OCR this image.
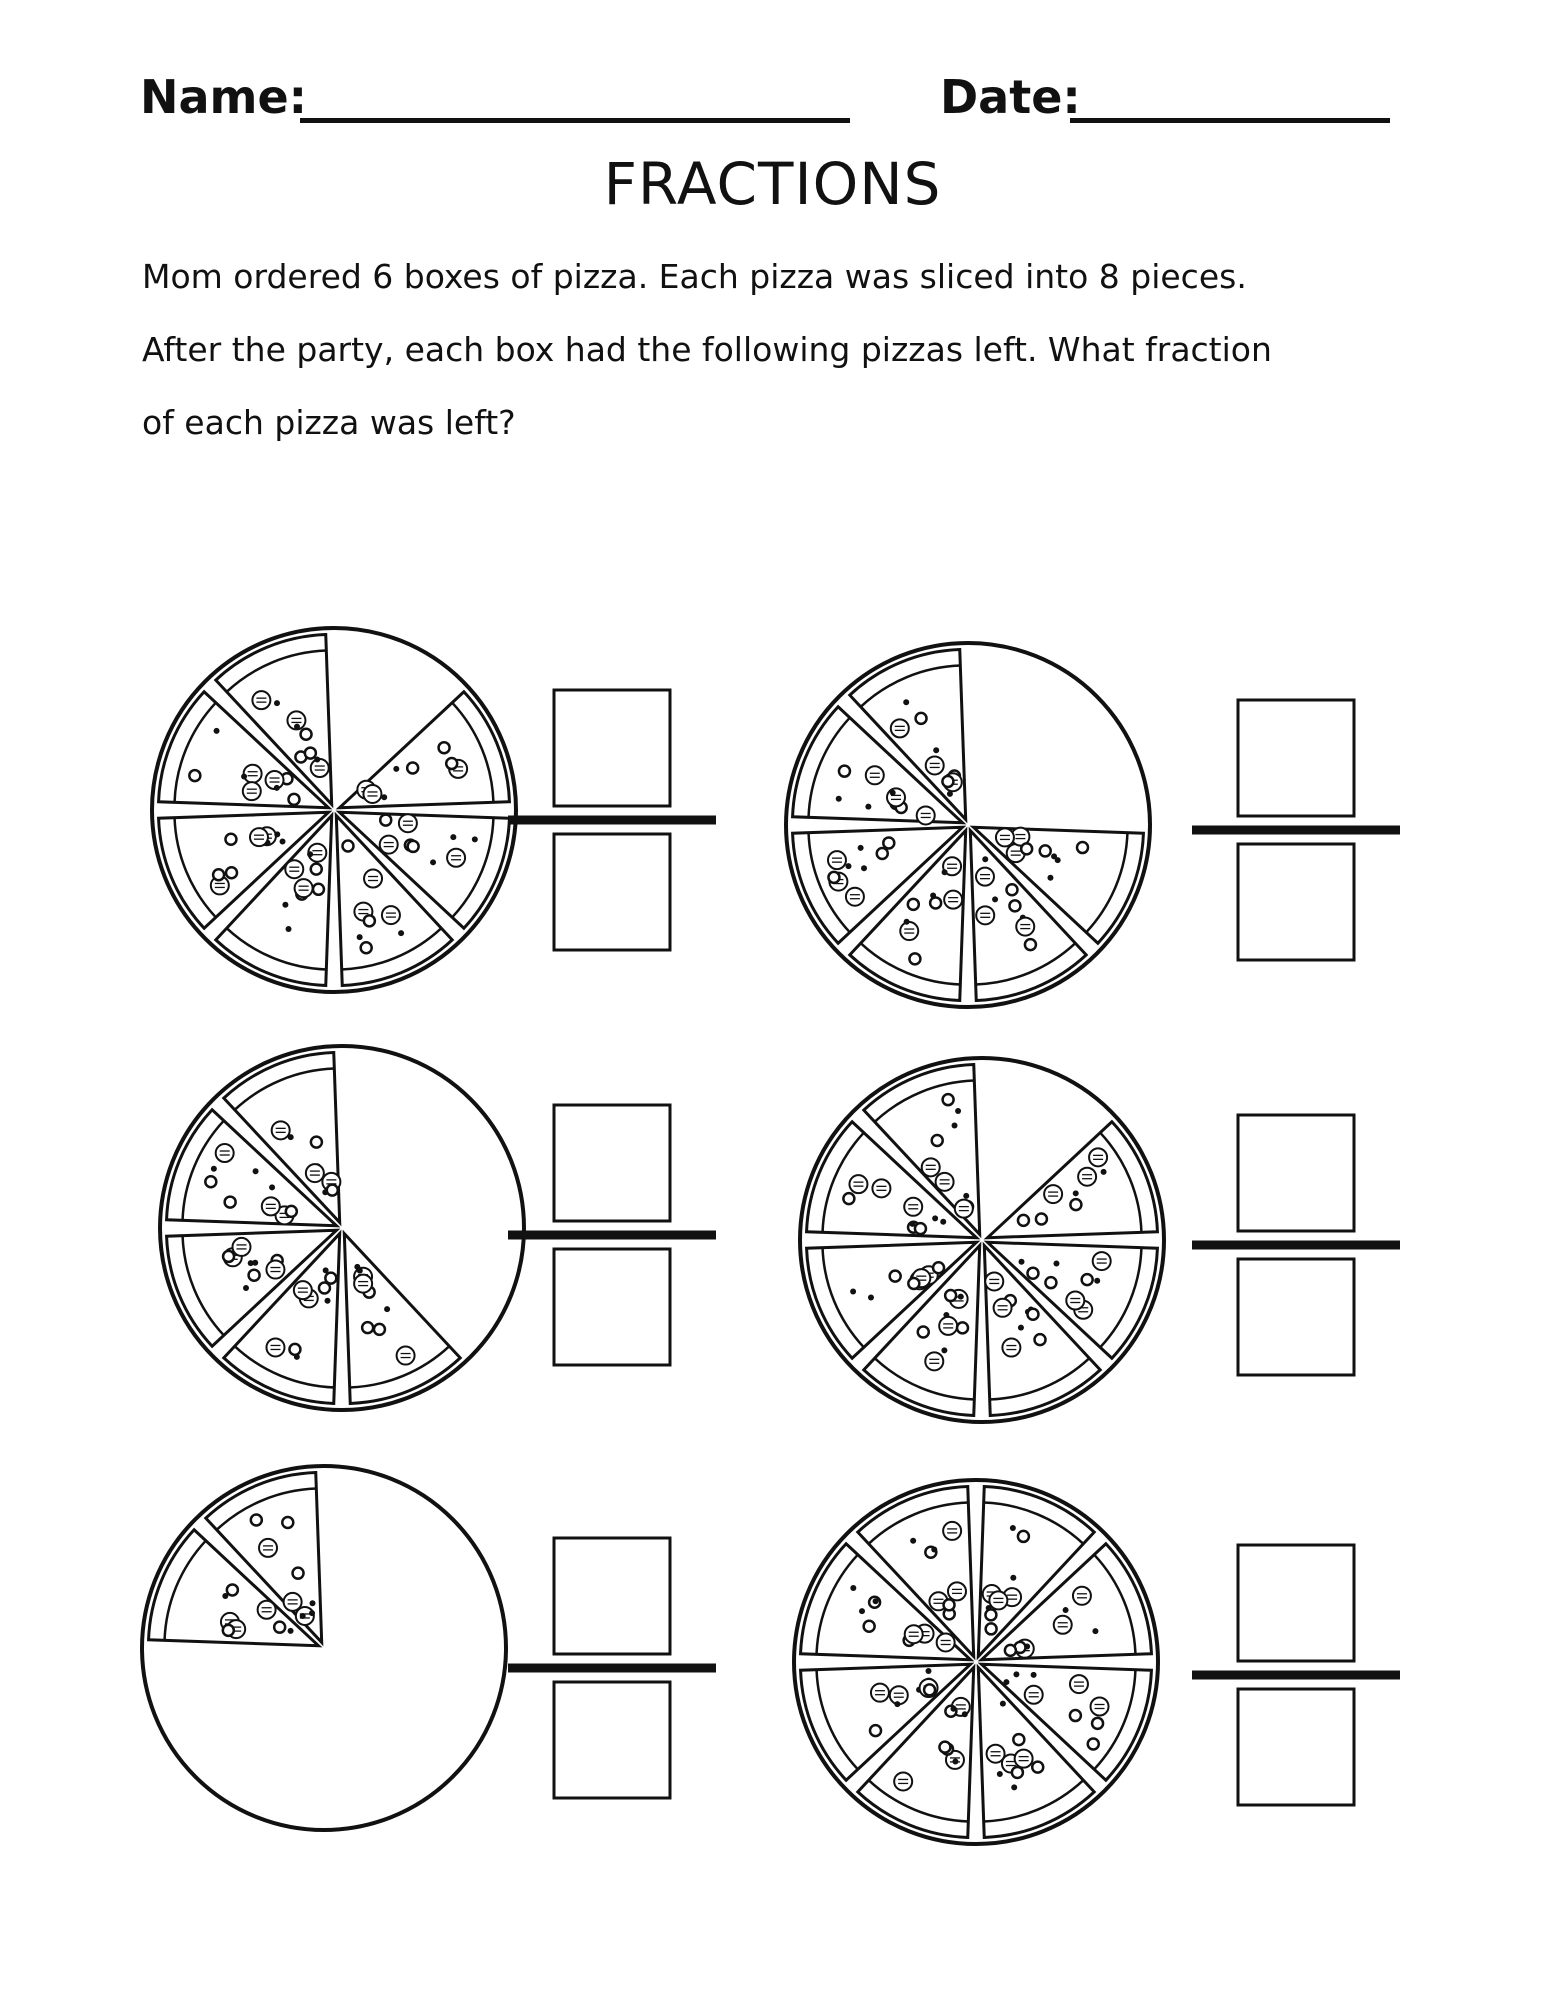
Name:	Date:
FRACTIONS

Mom ordered 6 boxes of pizza. Each pizza was sliced into 8 pieces.

After the party, each box had the following pizzas left. What fraction

of each pizza was left?
